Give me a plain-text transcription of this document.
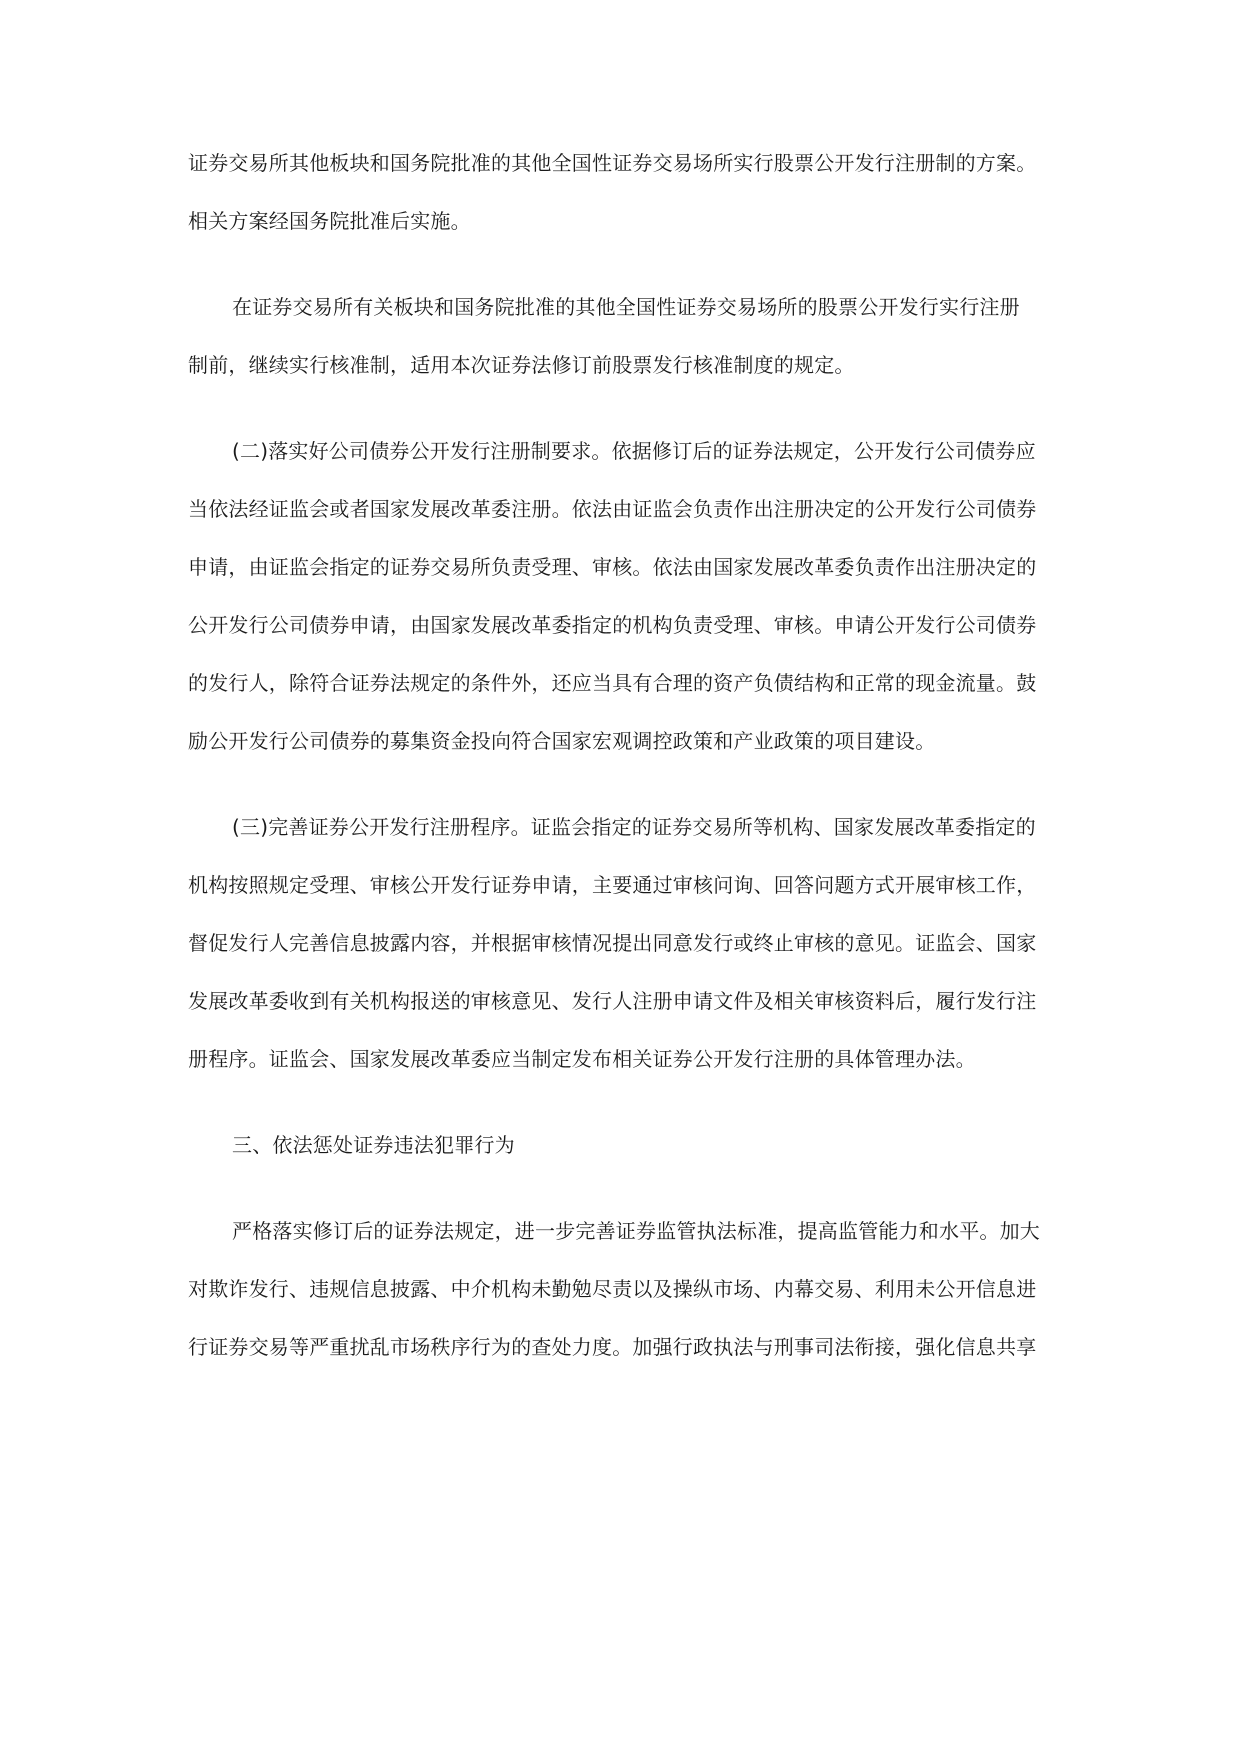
证券交易所其他板块和国务院批准的其他全国性证券交易场所实行股票公开发行注册制的方案。
相关方案经国务院批准后实施。
在证券交易所有关板块和国务院批准的其他全国性证券交易场所的股票公开发行实行注册
制前，继续实行核准制，适用本次证券法修订前股票发行核准制度的规定。
(二)落实好公司债券公开发行注册制要求。依据修订后的证券法规定，公开发行公司债券应
当依法经证监会或者国家发展改革委注册。依法由证监会负责作出注册决定的公开发行公司债券
申请，由证监会指定的证券交易所负责受理、审核。依法由国家发展改革委负责作出注册决定的
公开发行公司债券申请，由国家发展改革委指定的机构负责受理、审核。申请公开发行公司债券
的发行人，除符合证券法规定的条件外，还应当具有合理的资产负债结构和正常的现金流量。鼓
励公开发行公司债券的募集资金投向符合国家宏观调控政策和产业政策的项目建设。
(三)完善证券公开发行注册程序。证监会指定的证券交易所等机构、国家发展改革委指定的
机构按照规定受理、审核公开发行证券申请，主要通过审核问询、回答问题方式开展审核工作，
督促发行人完善信息披露内容，并根据审核情况提出同意发行或终止审核的意见。证监会、国家
发展改革委收到有关机构报送的审核意见、发行人注册申请文件及相关审核资料后，履行发行注
册程序。证监会、国家发展改革委应当制定发布相关证券公开发行注册的具体管理办法。
三、依法惩处证券违法犯罪行为
严格落实修订后的证券法规定，进一步完善证券监管执法标准，提高监管能力和水平。加大
对欺诈发行、违规信息披露、中介机构未勤勉尽责以及操纵市场、内幕交易、利用未公开信息进
行证券交易等严重扰乱市场秩序行为的查处力度。加强行政执法与刑事司法衔接，强化信息共享
